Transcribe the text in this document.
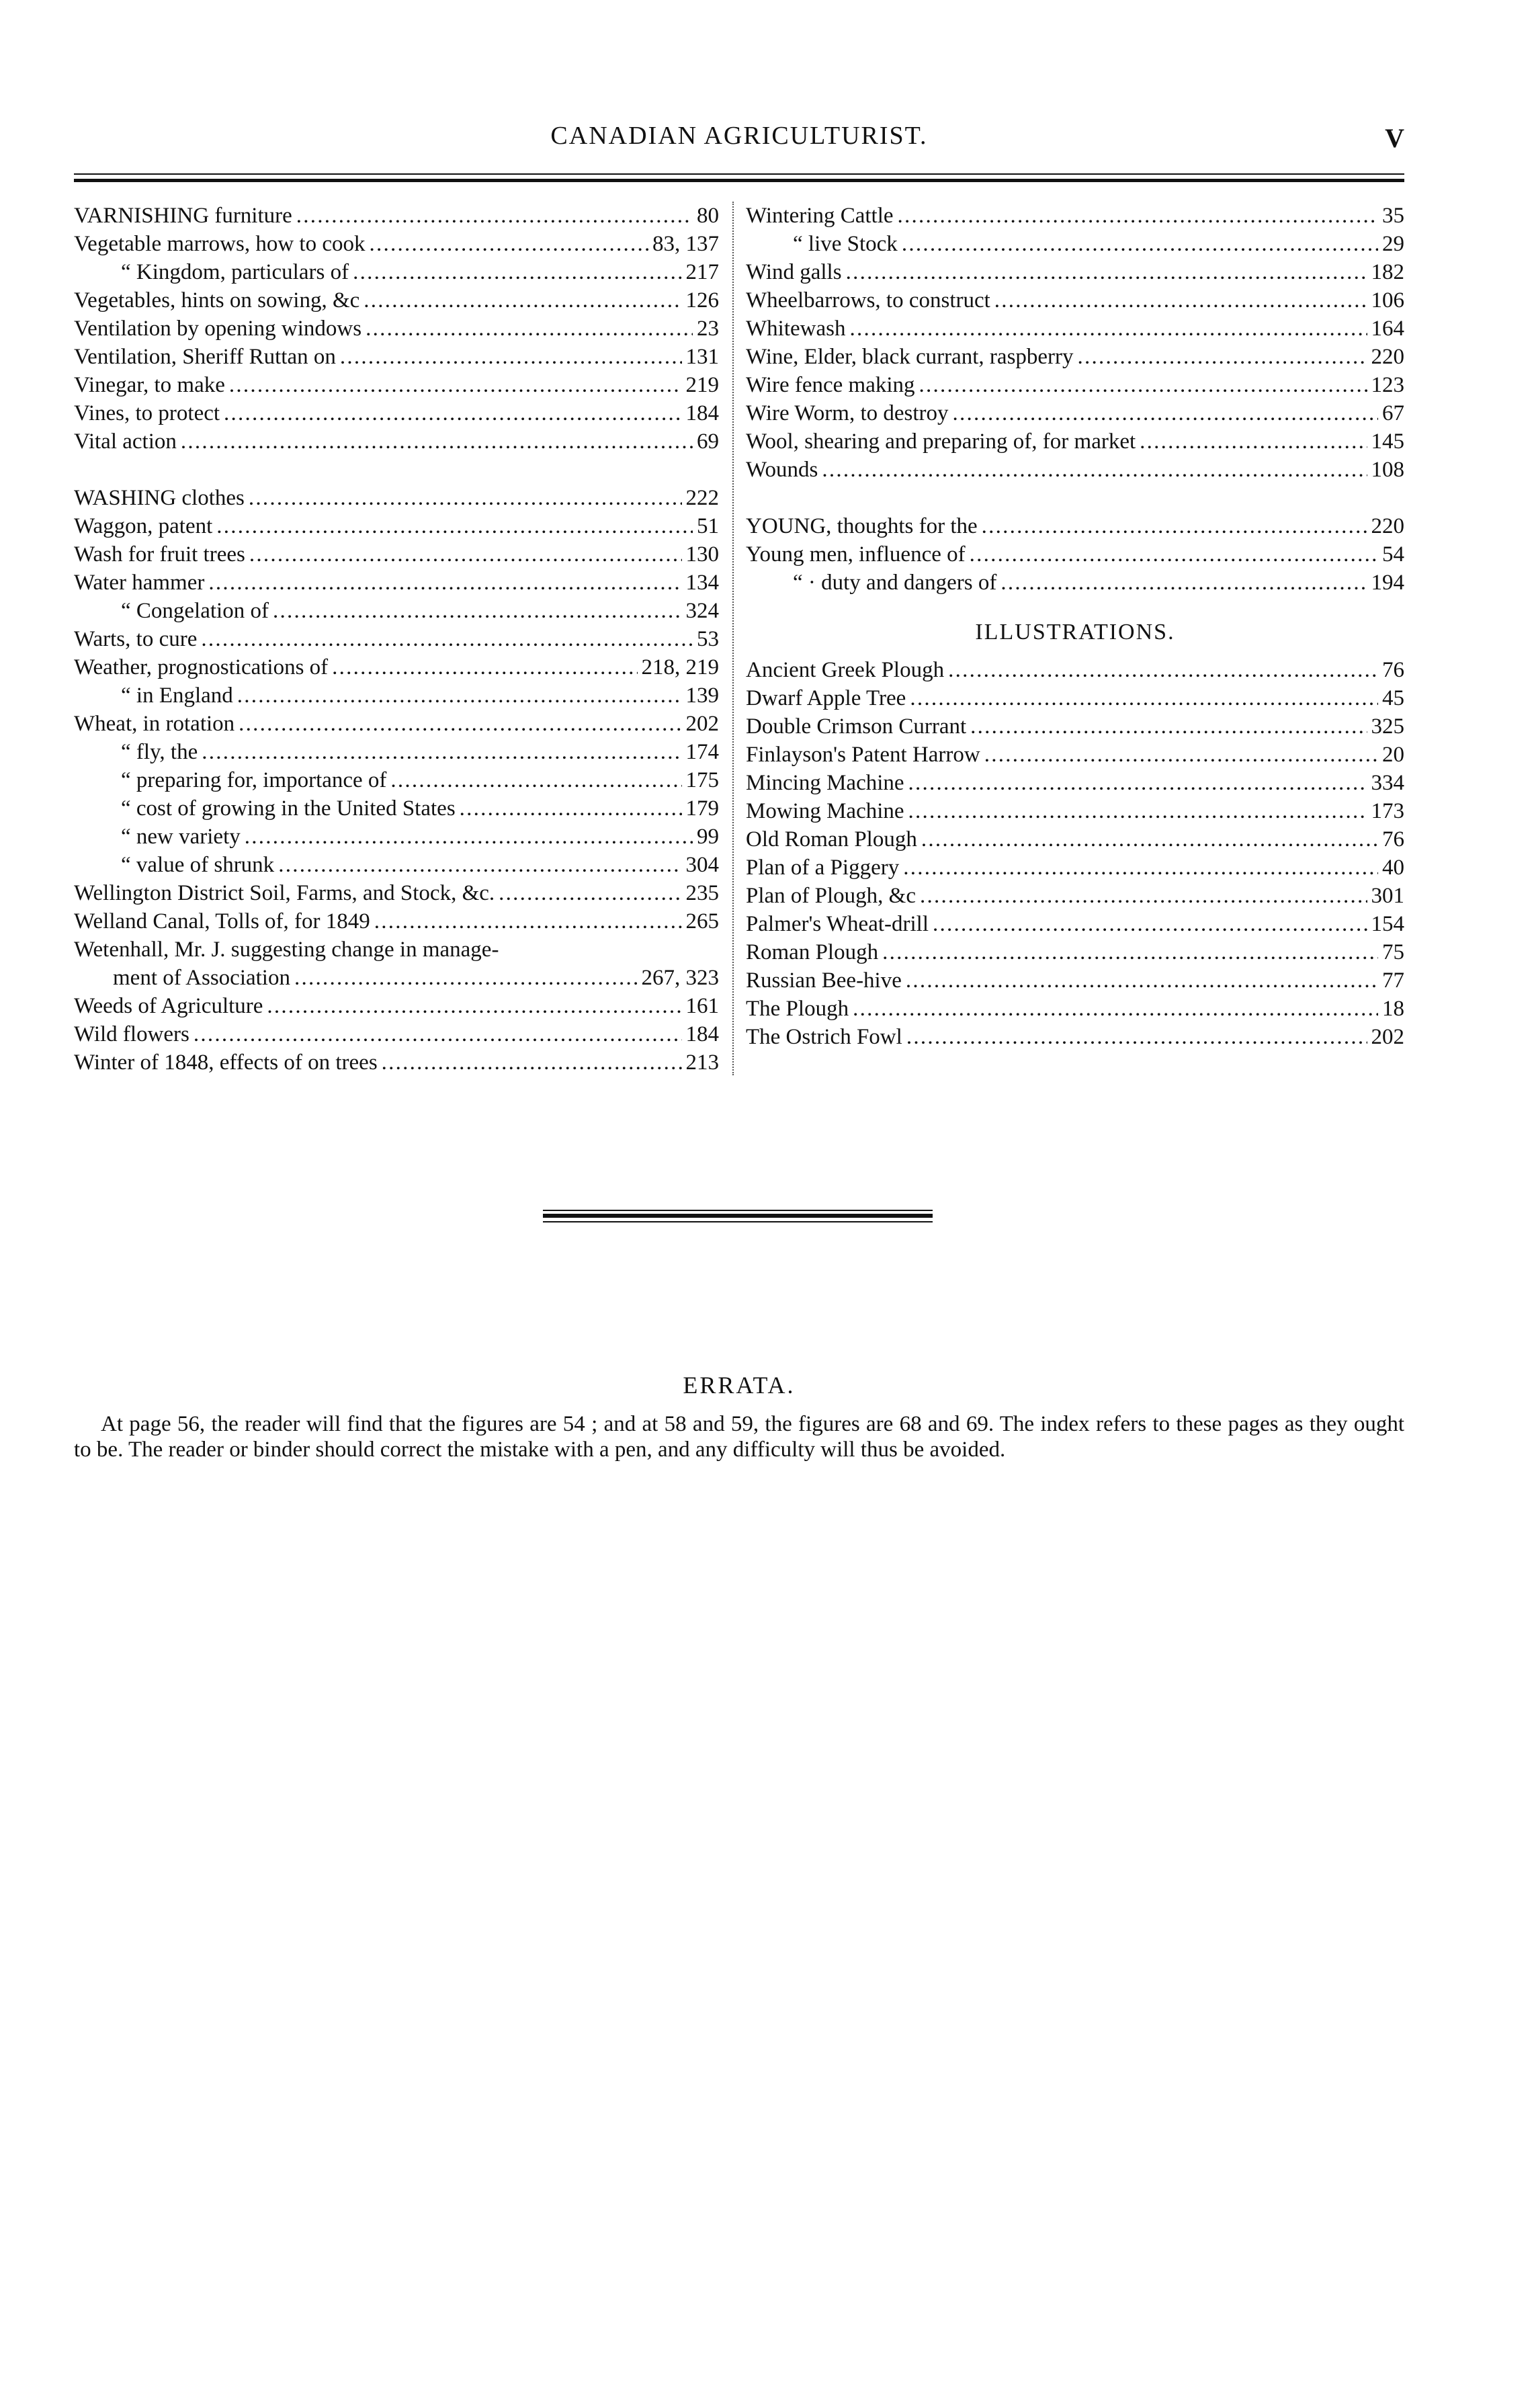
CANADIAN AGRICULTURIST.	V
VARNISHING furniture . . .	80
Vegetable marrows, how to cook . . .	83, 137
“ Kingdom, particulars of . . .	217
Vegetables, hints on sowing, &c . . .	126
Ventilation by opening windows . . .	23
Ventilation, Sheriff Ruttan on . . .	131
Vinegar, to make . . .	219
Vines, to protect . . .	184
Vital action . . .	69
WASHING clothes . . .	222
Waggon, patent . . .	51
Wash for fruit trees . . .	130
Water hammer . . .	134
“ Congelation of . . .	324
Warts, to cure . . .	53
Weather, prognostications of . . .	218, 219
“ in England . . .	139
Wheat, in rotation . . .	202
“ fly, the . . .	174
“ preparing for, importance of . . .	175
“ cost of growing in the United States . . .	179
“ new variety . . .	99
“ value of shrunk . . .	304
Wellington District Soil, Farms, and Stock, &c. . . .	235
Welland Canal, Tolls of, for 1849 . . .	265
Wetenhall, Mr. J. suggesting change in manage-
ment of Association . . .	267, 323
Weeds of Agriculture . . .	161
Wild flowers . . .	184
Winter of 1848, effects of on trees . . .	213
Wintering Cattle . . .	35
“ live Stock . . .	29
Wind galls . . .	182
Wheelbarrows, to construct . . .	106
Whitewash . . .	164
Wine, Elder, black currant, raspberry . . .	220
Wire fence making . . .	123
Wire Worm, to destroy . . .	67
Wool, shearing and preparing of, for market . . .	145
Wounds . . .	108
YOUNG, thoughts for the . . .	220
Young men, influence of . . .	54
“ · duty and dangers of . . .	194
ILLUSTRATIONS.
Ancient Greek Plough . . .	76
Dwarf Apple Tree . . .	45
Double Crimson Currant . . .	325
Finlayson's Patent Harrow . . .	20
Mincing Machine . . .	334
Mowing Machine . . .	173
Old Roman Plough . . .	76
Plan of a Piggery . . .	40
Plan of Plough, &c . . .	301
Palmer's Wheat-drill . . .	154
Roman Plough . . .	75
Russian Bee-hive . . .	77
The Plough . . .	18
The Ostrich Fowl . . .	202
ERRATA.
At page 56, the reader will find that the figures are 54 ; and at 58 and 59, the figures are 68 and 69. The index refers to these pages as they ought to be. The reader or binder should correct the mistake with a pen, and any difficulty will thus be avoided.
